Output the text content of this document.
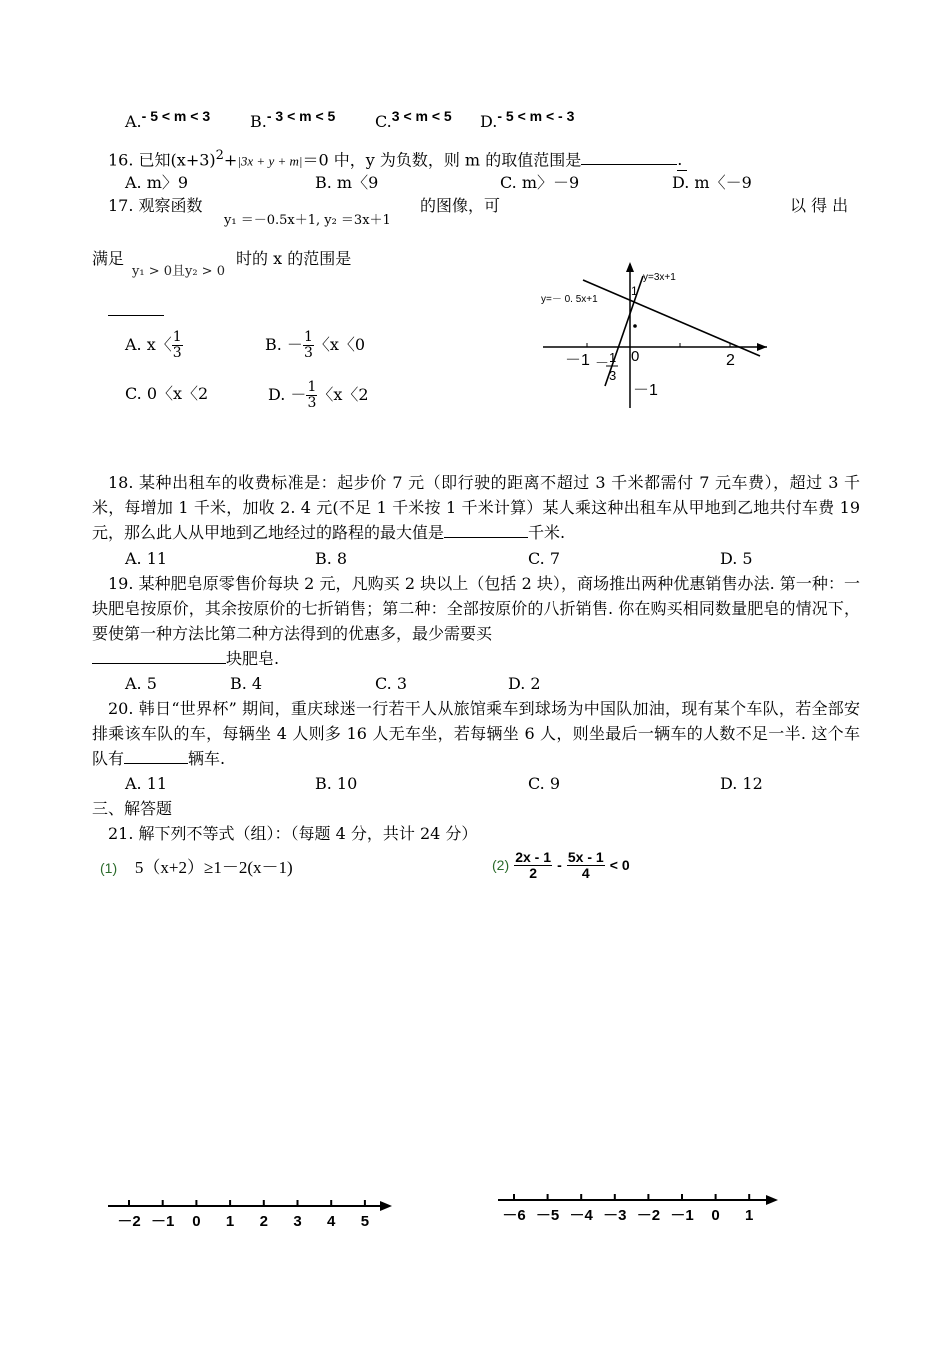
A.- 5 < m < 3 B.- 3 < m < 5 C.3 < m < 5 D.- 5 < m < - 3
16. 已知$(x+3)^2+|3x + y + m|=0$ 中，y 为负数，则 m 的取值范围是	.
A. m〉9	B. m〈9	C. m〉－9	D. m〈－9
17. 观察函数
y₁ ＝－0.5x＋1, y₂ ＝3x＋1
的图像，可	以 得 出
满足
y₁ > 0且y₂ > 0
时的 x 的范围是
A. x〈 $\frac{1}{3}$	B. － $\frac{1}{3}$ 〈x〈0
C. 0〈x〈2	D. － $\frac{1}{3}$ 〈x〈2
y=3x+1
y=－ 0. 5x+1
1
－1	0	2
－1
－ 1
3
18. 某种出租车的收费标准是：起步价 7 元（即行驶的距离不超过 3 千米都需付 7 元车费），超过 3 千米，每增加 1 千米，加收 2. 4 元(不足 1 千米按 1 千米计算）某人乘这种出租车从甲地到乙地共付车费 19 元，那么此人从甲地到乙地经过的路程的最大值是	千米.
A. 11	B. 8	C. 7	D. 5
19. 某种肥皂原零售价每块 2 元，凡购买 2 块以上（包括 2 块），商场推出两种优惠销售办法. 第一种：一块肥皂按原价，其余按原价的七折销售；第二种：全部按原价的八折销售. 你在购买相同数量肥皂的情况下，要使第一种方法比第二种方法得到的优惠多，最少需要买
块肥皂.
A. 5	B. 4	C. 3	D. 2
20. 韩日“世界杯” 期间，重庆球迷一行若干人从旅馆乘车到球场为中国队加油，现有某个车队，若全部安排乘该车队的车，每辆坐 4 人则多 16 人无车坐，若每辆坐 6 人，则坐最后一辆车的人数不足一半. 这个车队有	辆车.
A. 11	B. 10	C. 9	D. 12
三、解答题
21. 解下列不等式（组）：（每题 4 分，共计 24 分）
(1) 5（x+2）≥1－2(x－1)	$(2) \frac{2x - 1}{2} - \frac{5x - 1}{4} < 0$
－2 －1 0 1 2 3 4 5	－6 －5 －4 －3 －2 －1 0 1
